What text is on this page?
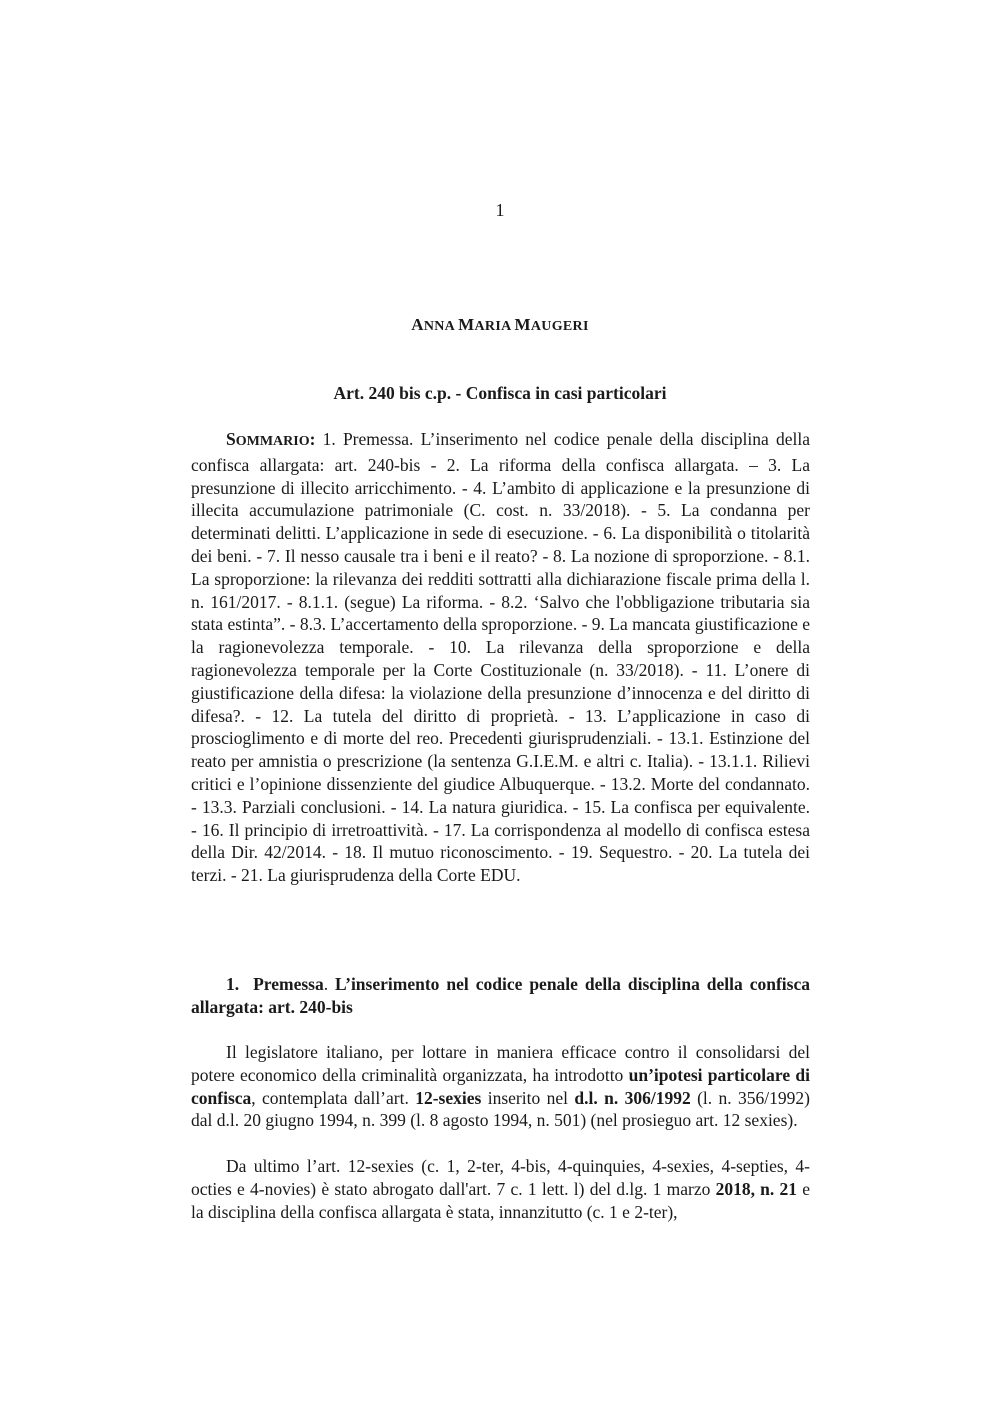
1
ANNA MARIA MAUGERI
Art. 240 bis c.p. - Confisca in casi particolari

SOMMARIO: 1. Premessa. L’inserimento nel codice penale della disciplina della confisca allargata: art. 240-bis - 2. La riforma della confisca allargata. – 3. La presunzione di illecito arricchimento. - 4. L’ambito di applicazione e la presunzione di illecita accumulazione patrimoniale (C. cost. n. 33/2018). - 5. La condanna per determinati delitti. L’applicazione in sede di esecuzione. - 6. La disponibilità o titolarità dei beni. - 7. Il nesso causale tra i beni e il reato? - 8. La nozione di sproporzione. - 8.1. La sproporzione: la rilevanza dei redditi sottratti alla dichiarazione fiscale prima della l. n. 161/2017. - 8.1.1. (segue) La riforma. - 8.2. ‘Salvo che l'obbligazione tributaria sia stata estinta”. - 8.3. L’accertamento della sproporzione. - 9. La mancata giustificazione e la ragionevolezza temporale. - 10. La rilevanza della sproporzione e della ragionevolezza temporale per la Corte Costituzionale (n. 33/2018). - 11. L’onere di giustificazione della difesa: la violazione della presunzione d’innocenza e del diritto di difesa?. - 12. La tutela del diritto di proprietà. - 13. L’applicazione in caso di proscioglimento e di morte del reo. Precedenti giurisprudenziali. - 13.1. Estinzione del reato per amnistia o prescrizione (la sentenza G.I.E.M. e altri c. Italia). - 13.1.1. Rilievi critici e l’opinione dissenziente del giudice Albuquerque. - 13.2. Morte del condannato. - 13.3. Parziali conclusioni. - 14. La natura giuridica. - 15. La confisca per equivalente. - 16. Il principio di irretroattività. - 17. La corrispondenza al modello di confisca estesa della Dir. 42/2014. - 18. Il mutuo riconoscimento. - 19. Sequestro. - 20. La tutela dei terzi. - 21. La giurisprudenza della Corte EDU.

1. Premessa. L’inserimento nel codice penale della disciplina della confisca allargata: art. 240-bis

Il legislatore italiano, per lottare in maniera efficace contro il consolidarsi del potere economico della criminalità organizzata, ha introdotto un’ipotesi particolare di confisca, contemplata dall’art. 12-sexies inserito nel d.l. n. 306/1992 (l. n. 356/1992) dal d.l. 20 giugno 1994, n. 399 (l. 8 agosto 1994, n. 501) (nel prosieguo art. 12 sexies).

Da ultimo l’art. 12-sexies (c. 1, 2-ter, 4-bis, 4-quinquies, 4-sexies, 4-septies, 4-octies e 4-novies) è stato abrogato dall'art. 7 c. 1 lett. l) del d.lg. 1 marzo 2018, n. 21 e la disciplina della confisca allargata è stata, innanzitutto (c. 1 e 2-ter),
